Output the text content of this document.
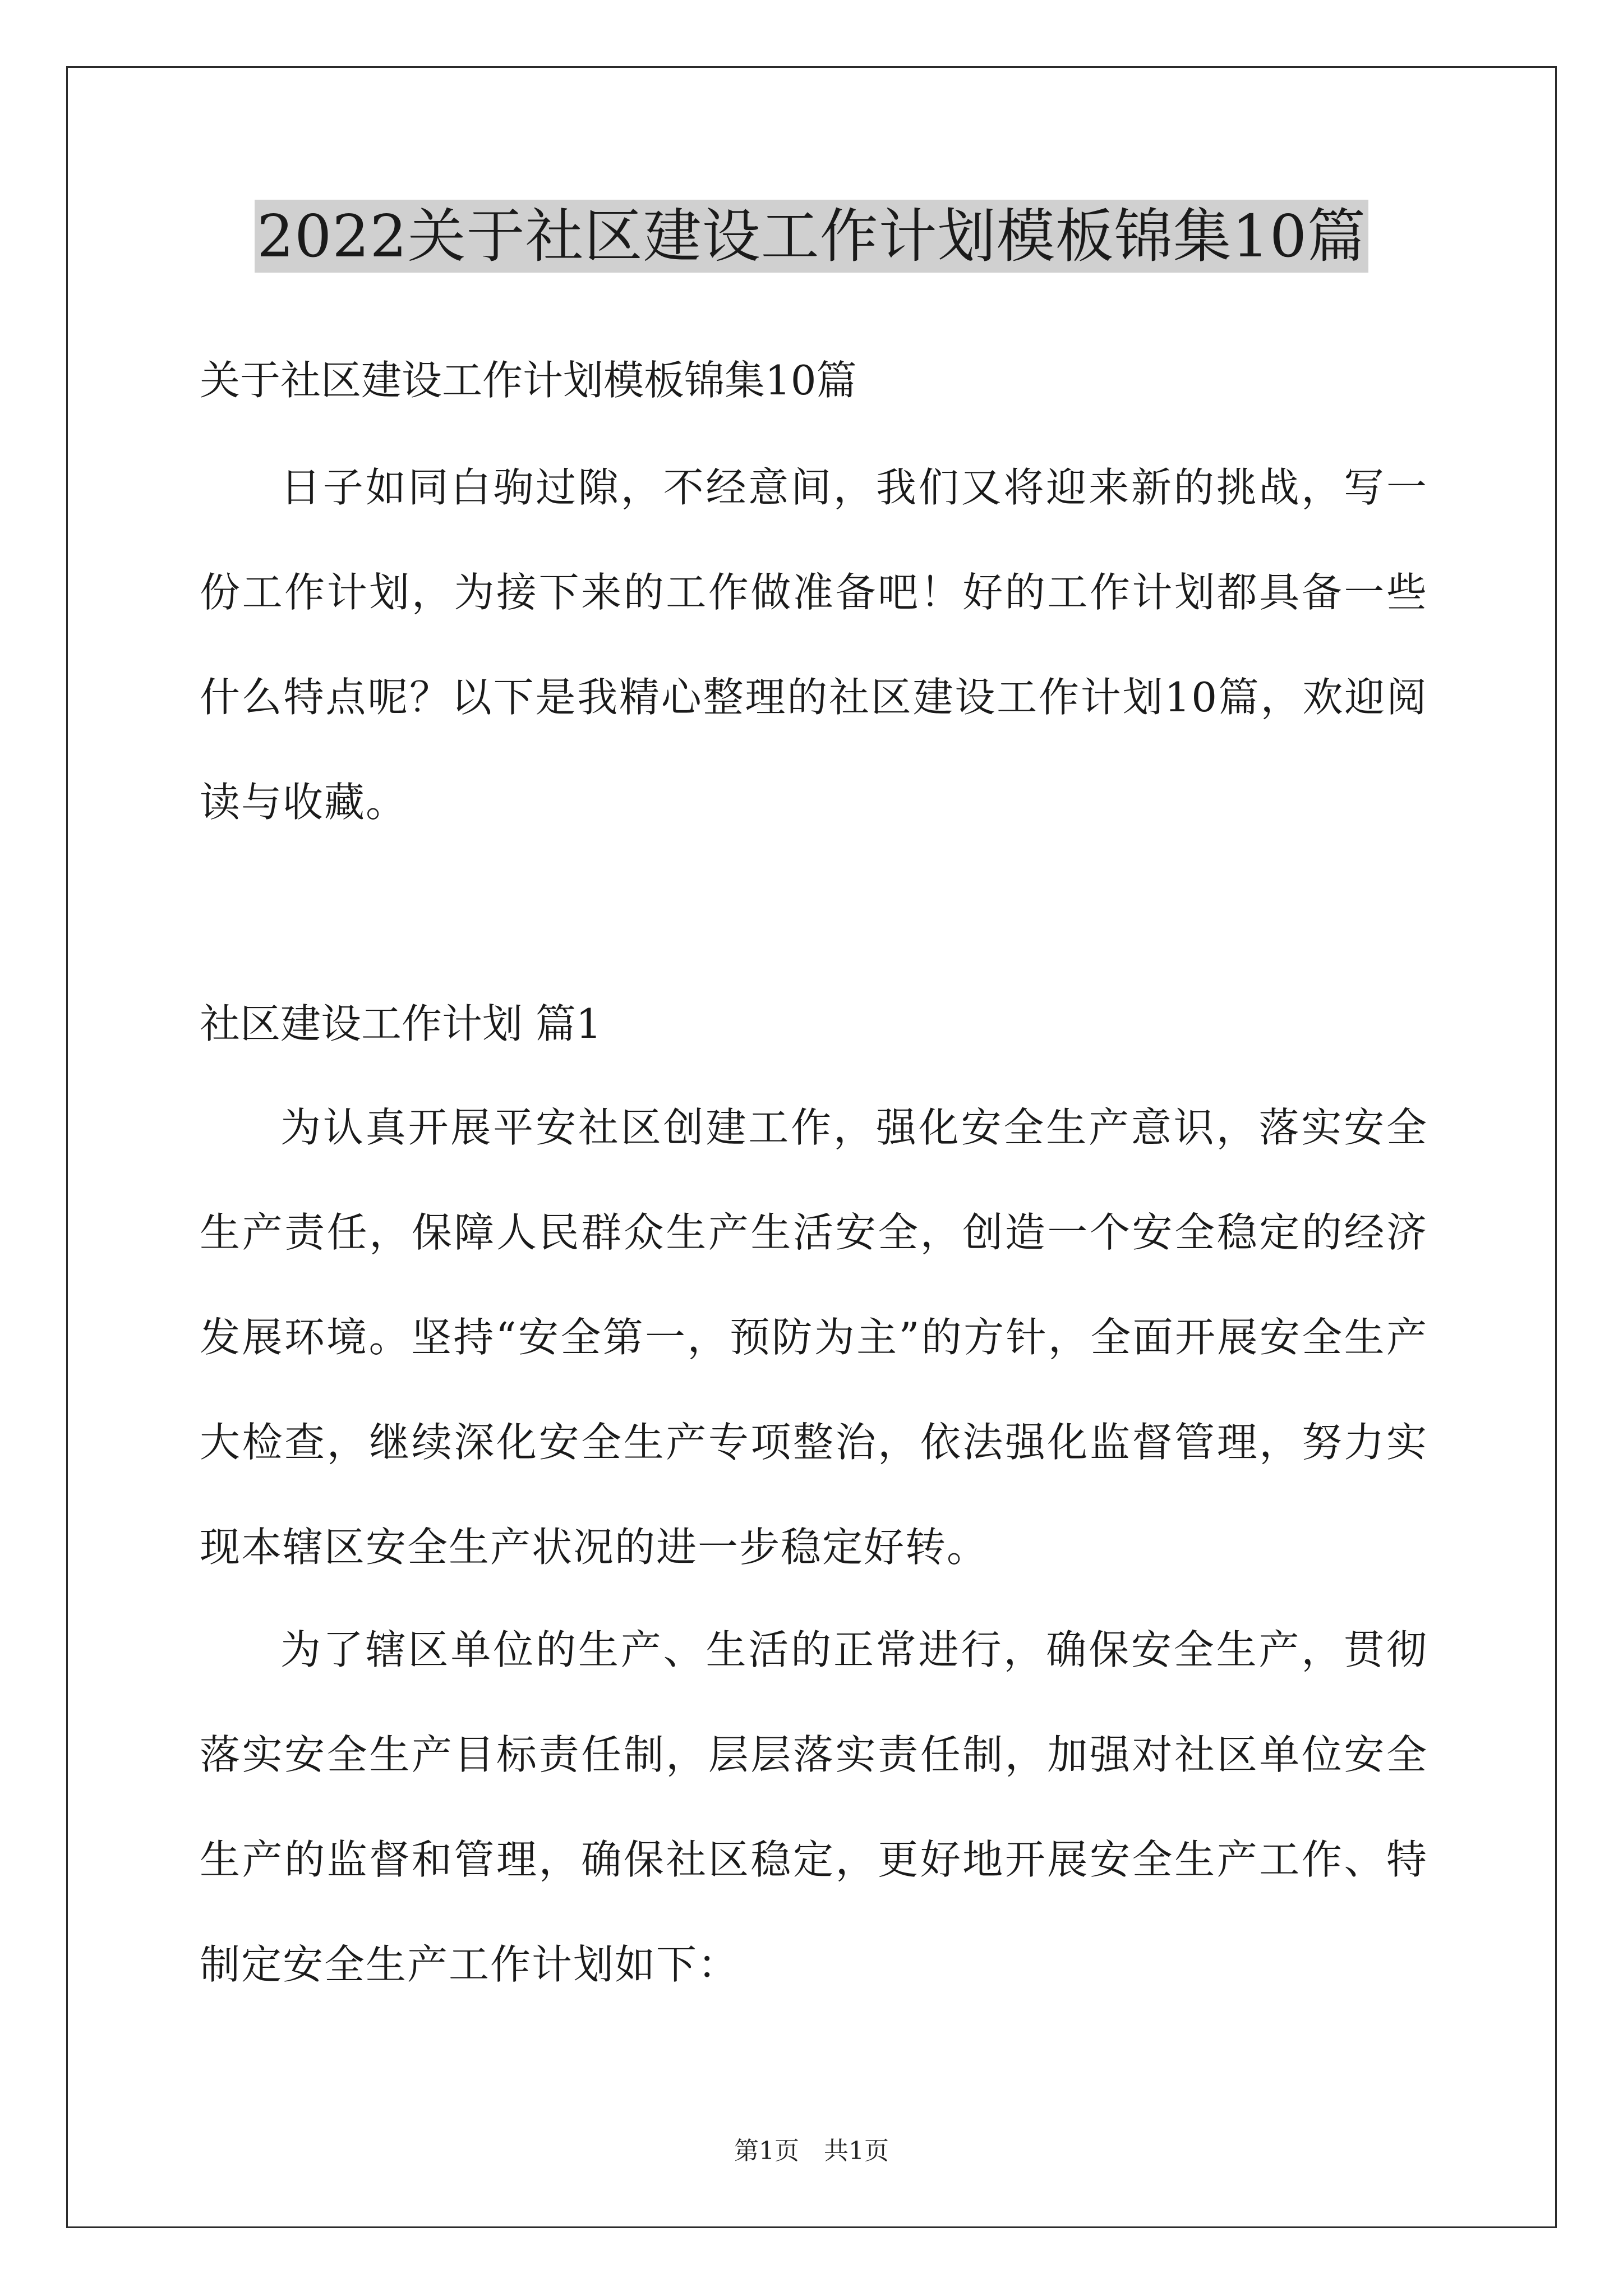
2022关于社区建设工作计划模板锦集10篇
关于社区建设工作计划模板锦集10篇
日子如同白驹过隙，不经意间，我们又将迎来新的挑战，写一份工作计划，为接下来的工作做准备吧！好的工作计划都具备一些什么特点呢？以下是我精心整理的社区建设工作计划10篇，欢迎阅读与收藏。
社区建设工作计划 篇1
为认真开展平安社区创建工作，强化安全生产意识，落实安全生产责任，保障人民群众生产生活安全，创造一个安全稳定的经济发展环境。坚持“安全第一，预防为主”的方针，全面开展安全生产大检查，继续深化安全生产专项整治，依法强化监督管理，努力实现本辖区安全生产状况的进一步稳定好转。
为了辖区单位的生产、生活的正常进行，确保安全生产，贯彻落实安全生产目标责任制，层层落实责任制，加强对社区单位安全生产的监督和管理，确保社区稳定，更好地开展安全生产工作、特制定安全生产工作计划如下：
第1页　共1页
